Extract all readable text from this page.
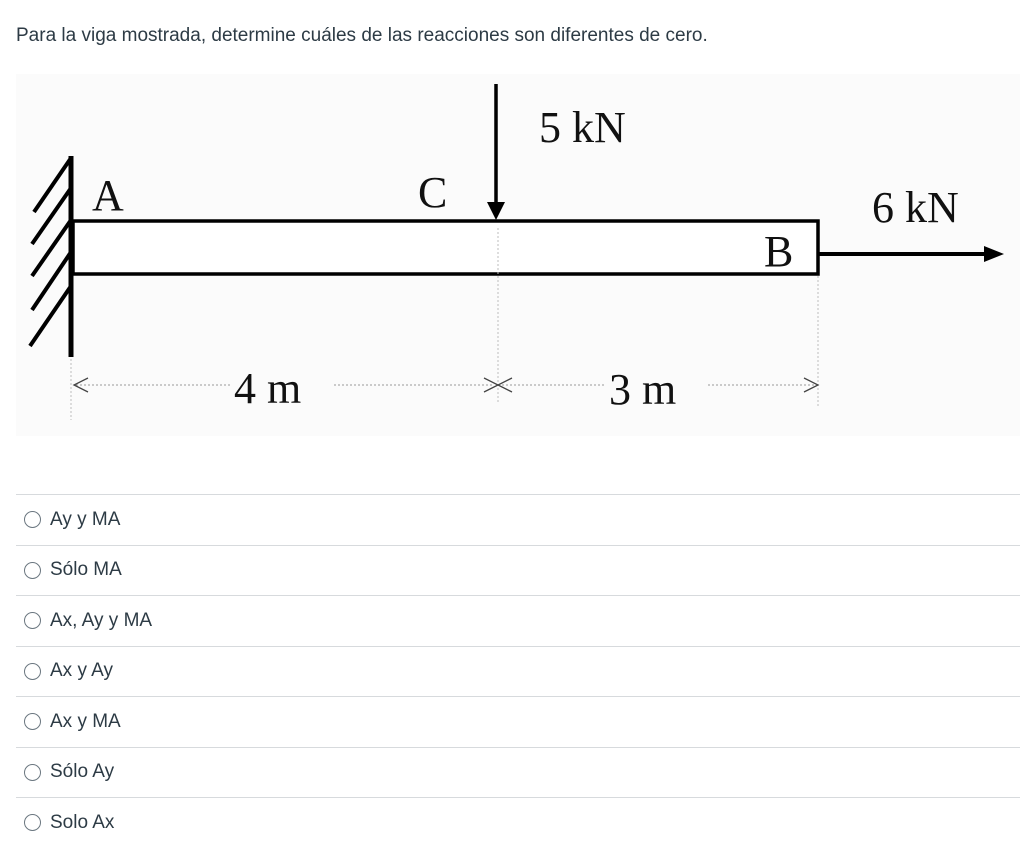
Para la viga mostrada, determine cuáles de las reacciones son diferentes de cero.
A	C
B
5 kN
6 kN
4 m	3 m
Ay y MA
Sólo MA
Ax, Ay y MA
Ax y Ay
Ax y MA
Sólo Ay
Solo Ax
